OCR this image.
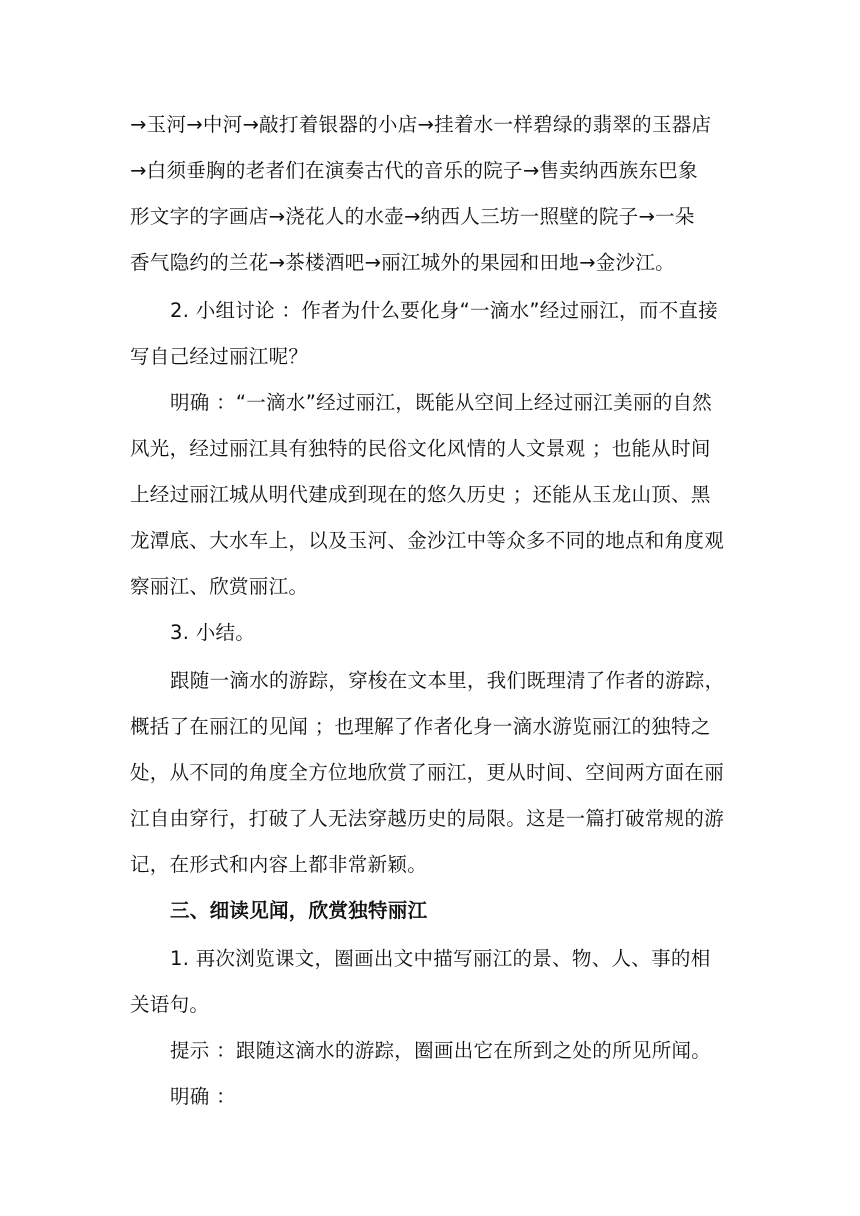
→玉河→中河→敲打着银器的小店→挂着水一样碧绿的翡翠的玉器店
→白须垂胸的老者们在演奏古代的音乐的院子→售卖纳西族东巴象
形文字的字画店→浇花人的水壶→纳西人三坊一照壁的院子→一朵
香气隐约的兰花→茶楼酒吧→丽江城外的果园和田地→金沙江。
2. 小组讨论 ：作者为什么要化身“一滴水”经过丽江，而不直接
写自己经过丽江呢？
明确 ：“一滴水”经过丽江，既能从空间上经过丽江美丽的自然
风光，经过丽江具有独特的民俗文化风情的人文景观 ；也能从时间
上经过丽江城从明代建成到现在的悠久历史 ；还能从玉龙山顶、黑
龙潭底、大水车上，以及玉河、金沙江中等众多不同的地点和角度观
察丽江、欣赏丽江。
3. 小结。
跟随一滴水的游踪，穿梭在文本里，我们既理清了作者的游踪，
概括了在丽江的见闻 ；也理解了作者化身一滴水游览丽江的独特之
处，从不同的角度全方位地欣赏了丽江，更从时间、空间两方面在丽
江自由穿行，打破了人无法穿越历史的局限。这是一篇打破常规的游
记，在形式和内容上都非常新颖。
三、细读见闻，欣赏独特丽江
1. 再次浏览课文，圈画出文中描写丽江的景、物、人、事的相
关语句。
提示 ：跟随这滴水的游踪，圈画出它在所到之处的所见所闻。
明确 ：
